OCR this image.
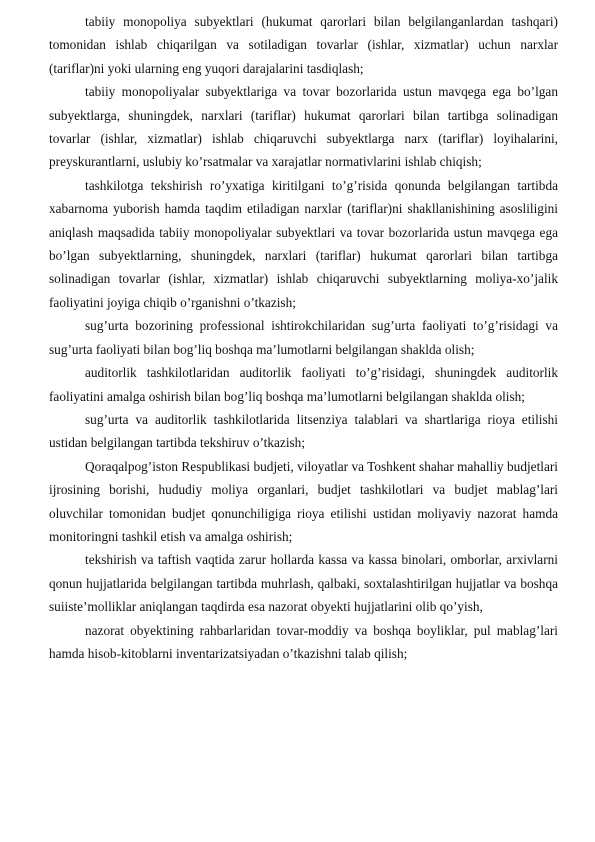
tabiiy monopoliya subyektlari (hukumat qarorlari bilan belgilanganlardan tashqari) tomonidan ishlab chiqarilgan va sotiladigan tovarlar (ishlar, xizmatlar) uchun narxlar (tariflar)ni yoki ularning eng yuqori darajalarini tasdiqlash;

tabiiy monopoliyalar subyektlariga va tovar bozorlarida ustun mavqega ega bo’lgan subyektlarga, shuningdek, narxlari (tariflar) hukumat qarorlari bilan tartibga solinadigan tovarlar (ishlar, xizmatlar) ishlab chiqaruvchi subyektlarga narx (tariflar) loyihalarini, preyskurantlarni, uslubiy ko’rsatmalar va xarajatlar normativlarini ishlab chiqish;

tashkilotga tekshirish ro’yxatiga kiritilgani to’g’risida qonunda belgilangan tartibda xabarnoma yuborish hamda taqdim etiladigan narxlar (tariflar)ni shakllanishining asosliligini aniqlash maqsadida tabiiy monopoliyalar subyektlari va tovar bozorlarida ustun mavqega ega bo’lgan subyektlarning, shuningdek, narxlari (tariflar) hukumat qarorlari bilan tartibga solinadigan tovarlar (ishlar, xizmatlar) ishlab chiqaruvchi subyektlarning moliya-xo’jalik faoliyatini joyiga chiqib o’rganishni o’tkazish;

sug’urta bozorining professional ishtirokchilaridan sug’urta faoliyati to’g’risidagi va sug’urta faoliyati bilan bog’liq boshqa ma’lumotlarni belgilangan shaklda olish;

auditorlik tashkilotlaridan auditorlik faoliyati to’g’risidagi, shuningdek auditorlik faoliyatini amalga oshirish bilan bog’liq boshqa ma’lumotlarni belgilangan shaklda olish;

sug’urta va auditorlik tashkilotlarida litsenziya talablari va shartlariga rioya etilishi ustidan belgilangan tartibda tekshiruv o’tkazish;

Qoraqalpog’iston Respublikasi budjeti, viloyatlar va Toshkent shahar mahalliy budjetlari ijrosining borishi, hududiy moliya organlari, budjet tashkilotlari va budjet mablag’lari oluvchilar tomonidan budjet qonunchiligiga rioya etilishi ustidan moliyaviy nazorat hamda monitoringni tashkil etish va amalga oshirish;

tekshirish va taftish vaqtida zarur hollarda kassa va kassa binolari, omborlar, arxivlarni qonun hujjatlarida belgilangan tartibda muhrlash, qalbaki, soxtalashtirilgan hujjatlar va boshqa suiiste’molliklar aniqlangan taqdirda esa nazorat obyekti hujjatlarini olib qo’yish,

nazorat obyektining rahbarlaridan tovar-moddiy va boshqa boyliklar, pul mablag’lari hamda hisob-kitoblarni inventarizatsiyadan o’tkazishni talab qilish;
